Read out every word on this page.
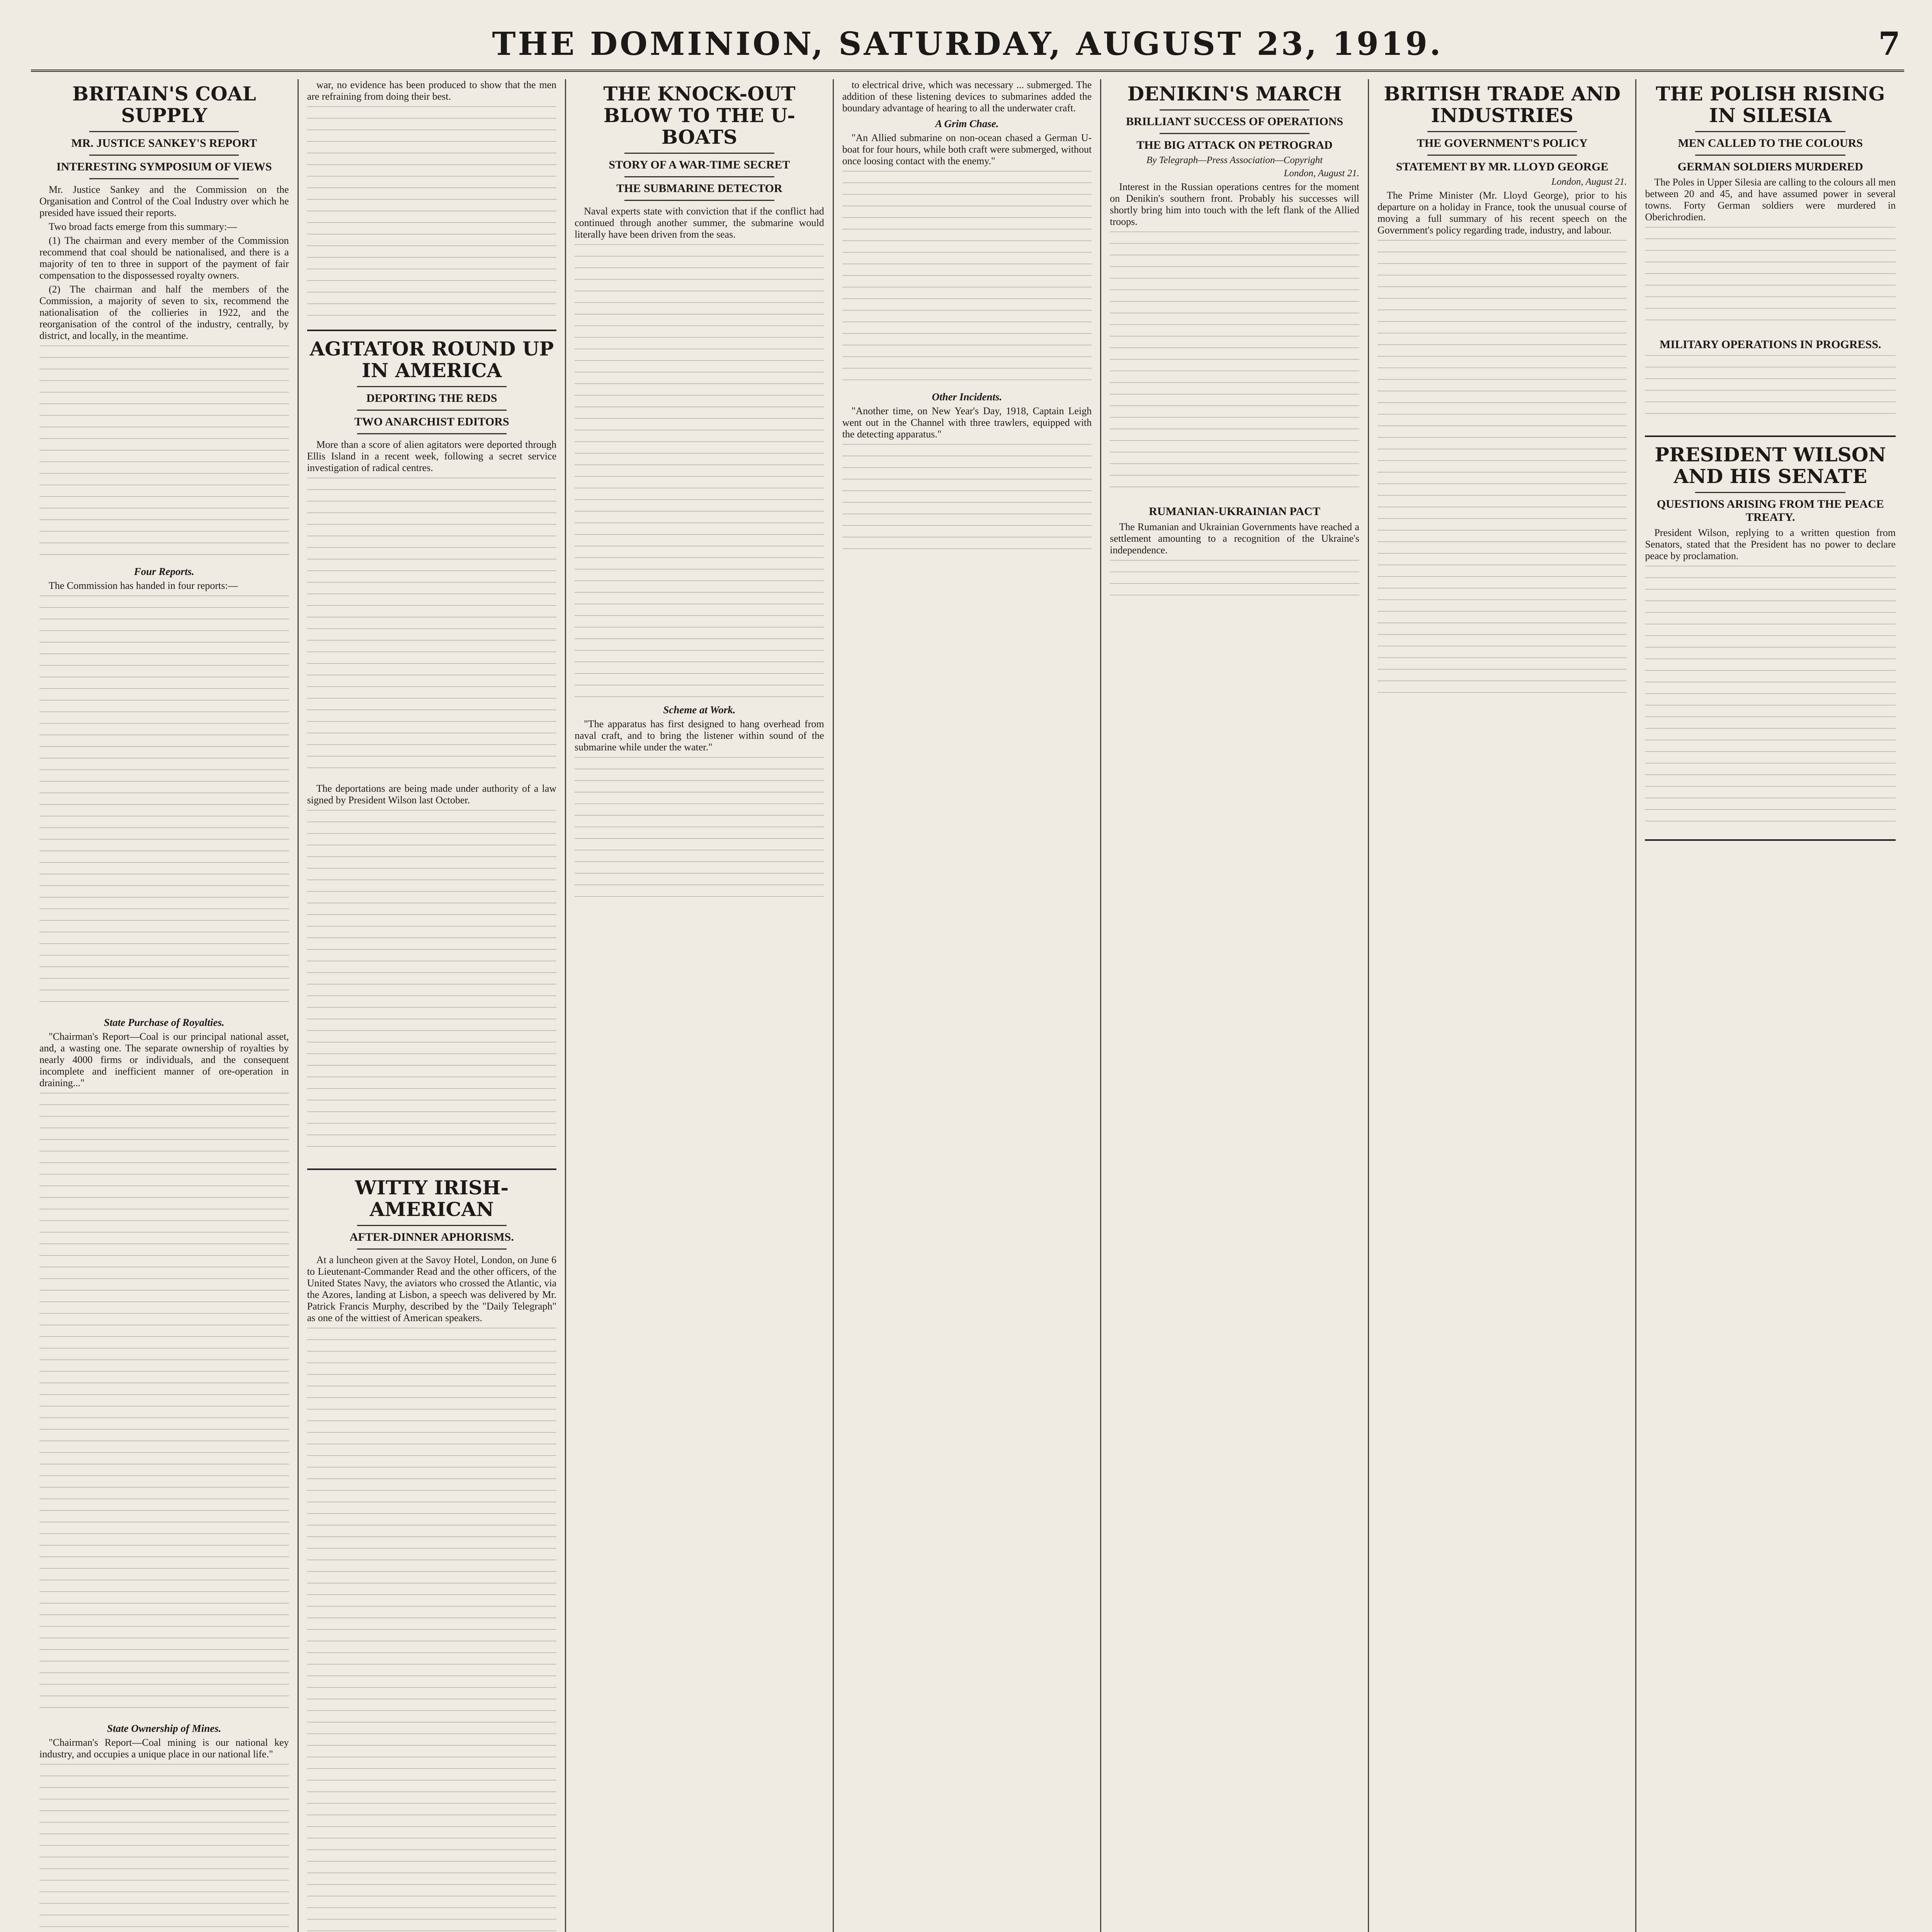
THE DOMINION, SATURDAY, AUGUST 23, 1919.	7
BRITAIN'S COAL SUPPLY
MR. JUSTICE SANKEY'S REPORT
INTERESTING SYMPOSIUM OF VIEWS

Mr. Justice Sankey and the Commission on the Organisation and Control of the Coal Industry over which he presided have issued their reports.

Two broad facts emerge from this summary:—

(1) The chairman and every member of the Commission recommend that coal should be nationalised, and there is a majority of ten to three in support of the payment of fair compensation to the dispossessed royalty owners.

(2) The chairman and half the members of the Commission, a majority of seven to six, recommend the nationalisation of the collieries in 1922, and the reorganisation of the control of the industry, centrally, by district, and locally, in the meantime.

Four Reports.

The Commission has handed in four reports:—

State Purchase of Royalties.

"Chairman's Report—Coal is our principal national asset, and, a wasting one. The separate ownership of royalties by nearly 4000 firms or individuals, and the consequent incomplete and inefficient manner of ore-operation in draining..."

State Ownership of Mines.

"Chairman's Report—Coal mining is our national key industry, and occupies a unique place in our national life."

war, no evidence has been produced to show that the men are refraining from doing their best.

AGITATOR ROUND UP IN AMERICA
DEPORTING THE REDS
TWO ANARCHIST EDITORS

More than a score of alien agitators were deported through Ellis Island in a recent week, following a secret service investigation of radical centres.

The deportations are being made under authority of a law signed by President Wilson last October.

WITTY IRISH-AMERICAN
AFTER-DINNER APHORISMS.

At a luncheon given at the Savoy Hotel, London, on June 6 to Lieutenant-Commander Read and the other officers, of the United States Navy, the aviators who crossed the Atlantic, via the Azores, landing at Lisbon, a speech was delivered by Mr. Patrick Francis Murphy, described by the "Daily Telegraph" as one of the wittiest of American speakers.

THE KNOCK-OUT BLOW TO THE U-BOATS
STORY OF A WAR-TIME SECRET
THE SUBMARINE DETECTOR

Naval experts state with conviction that if the conflict had continued through another summer, the submarine would literally have been driven from the seas.

Scheme at Work.

"The apparatus has first designed to hang overhead from naval craft, and to bring the listener within sound of the submarine while under the water."

to electrical drive, which was necessary ... submerged. The addition of these listening devices to submarines added the boundary advantage of hearing to all the underwater craft.

A Grim Chase.

"An Allied submarine on non-ocean chased a German U-boat for four hours, while both craft were submerged, without once loosing contact with the enemy."

Other Incidents.

"Another time, on New Year's Day, 1918, Captain Leigh went out in the Channel with three trawlers, equipped with the detecting apparatus."

DENIKIN'S MARCH
BRILLIANT SUCCESS OF OPERATIONS
THE BIG ATTACK ON PETROGRAD
By Telegraph—Press Association—Copyright
London, August 21.

Interest in the Russian operations centres for the moment on Denikin's southern front. Probably his successes will shortly bring him into touch with the left flank of the Allied troops.

RUMANIAN-UKRAINIAN PACT

The Rumanian and Ukrainian Governments have reached a settlement amounting to a recognition of the Ukraine's independence.

BRITISH TRADE AND INDUSTRIES
THE GOVERNMENT'S POLICY
STATEMENT BY MR. LLOYD GEORGE
London, August 21.

The Prime Minister (Mr. Lloyd George), prior to his departure on a holiday in France, took the unusual course of moving a full summary of his recent speech on the Government's policy regarding trade, industry, and labour.

THE POLISH RISING IN SILESIA
MEN CALLED TO THE COLOURS
GERMAN SOLDIERS MURDERED

The Poles in Upper Silesia are calling to the colours all men between 20 and 45, and have assumed power in several towns. Forty German soldiers were murdered in Oberichrodien.

MILITARY OPERATIONS IN PROGRESS.
PRESIDENT WILSON AND HIS SENATE
QUESTIONS ARISING FROM THE PEACE TREATY.

President Wilson, replying to a written question from Senators, stated that the President has no power to declare peace by proclamation.
